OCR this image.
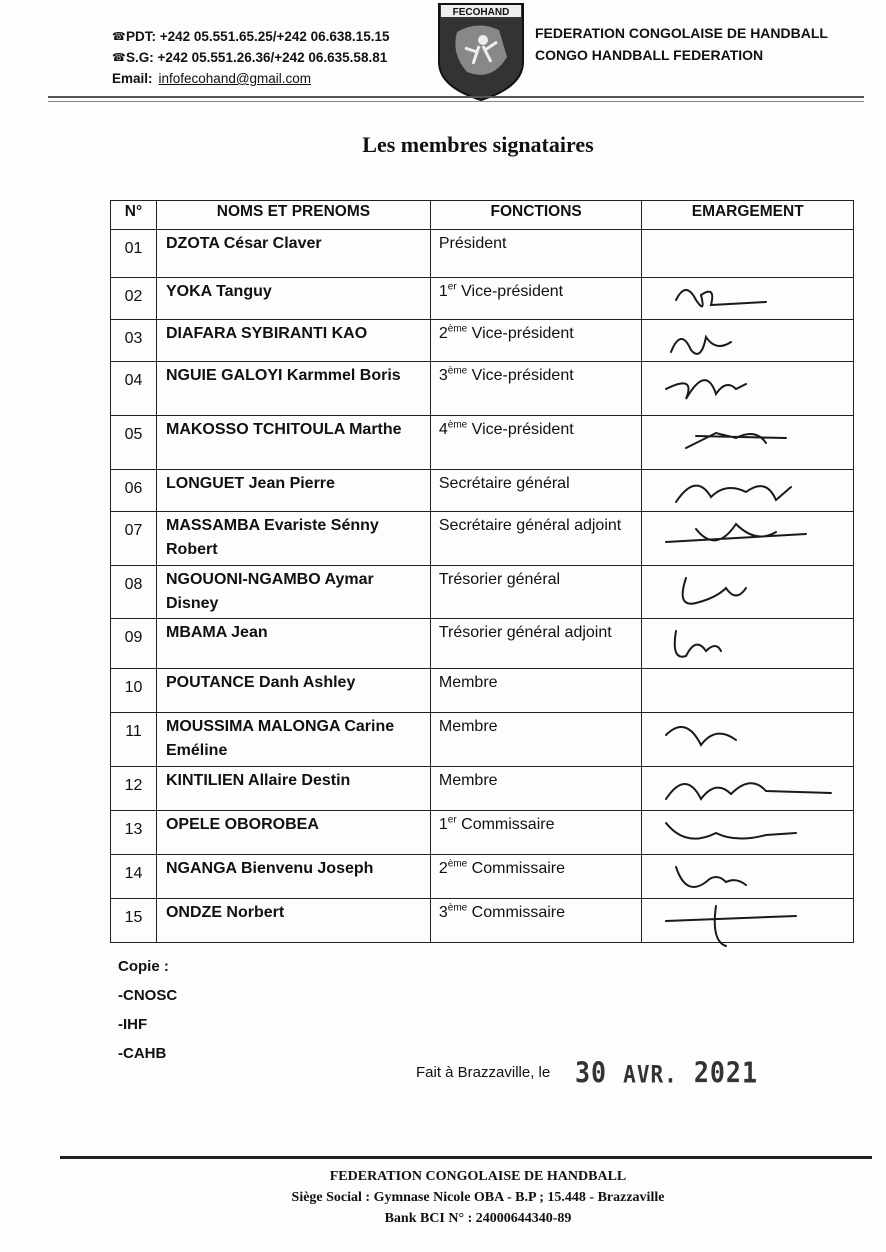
☎ PDT: +242 05.551.65.25/+242 06.638.15.15
☎ S.G: +242 05.551.26.36/+242 06.635.58.81
Email: infofecohand@gmail.com
FECOHAND
FEDERATION CONGOLAISE DE HANDBALL
CONGO HANDBALL FEDERATION
Les membres signataires
N°	NOMS ET PRENOMS	FONCTIONS	EMARGEMENT
01	DZOTA César Claver	Président	
02	YOKA Tanguy	1er Vice-président	

03	DIAFARA SYBIRANTI KAO	2ème Vice-président	

04	NGUIE GALOYI Karmmel Boris	3ème Vice-président	

05	MAKOSSO TCHITOULA Marthe	4ème Vice-président	

06	LONGUET Jean Pierre	Secrétaire général	

07	MASSAMBA Evariste Sénny Robert	Secrétaire général adjoint	

08	NGOUONI-NGAMBO Aymar Disney	Trésorier général	

09	MBAMA Jean	Trésorier général adjoint	

10	POUTANCE Danh Ashley	Membre	
11	MOUSSIMA MALONGA Carine Eméline	Membre	

12	KINTILIEN Allaire Destin	Membre	

13	OPELE OBOROBEA	1er Commissaire	

14	NGANGA Bienvenu Joseph	2ème Commissaire	

15	ONDZE Norbert	3ème Commissaire	
Copie :
-CNOSC
-IHF
-CAHB
Fait à Brazzaville, le 30 AVR. 2021
FEDERATION CONGOLAISE DE HANDBALL
Siège Social : Gymnase Nicole OBA - B.P ; 15.448 - Brazzaville
Bank BCI N° : 24000644340-89
